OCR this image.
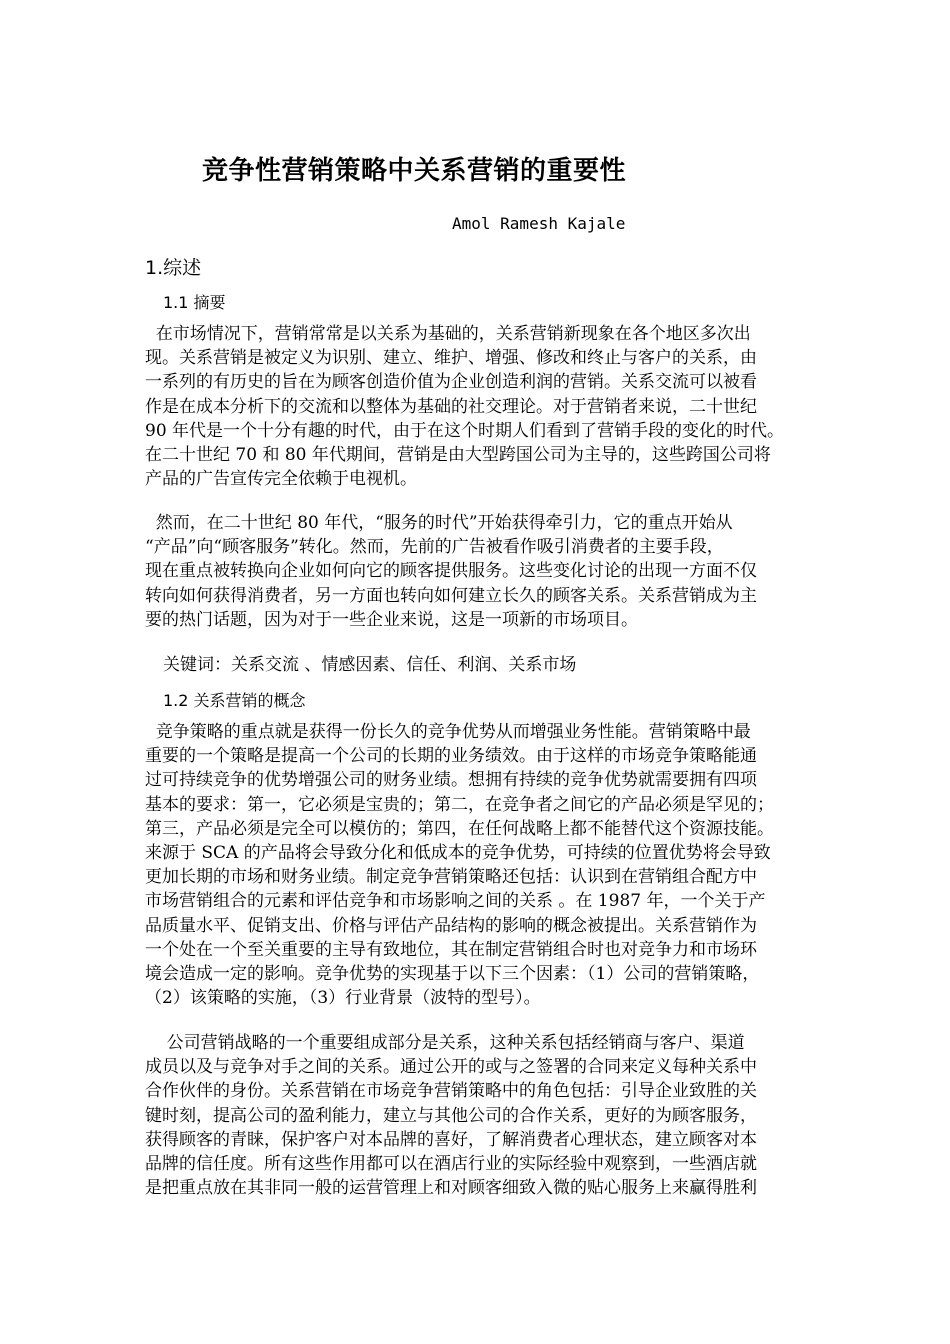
竞争性营销策略中关系营销的重要性
Amol Ramesh Kajale
1.综述
1.1 摘要
在市场情况下，营销常常是以关系为基础的，关系营销新现象在各个地区多次出
现。关系营销是被定义为识别、建立、维护、增强、修改和终止与客户的关系，由
一系列的有历史的旨在为顾客创造价值为企业创造利润的营销。关系交流可以被看
作是在成本分析下的交流和以整体为基础的社交理论。对于营销者来说，二十世纪
90 年代是一个十分有趣的时代，由于在这个时期人们看到了营销手段的变化的时代。
在二十世纪 70 和 80 年代期间，营销是由大型跨国公司为主导的，这些跨国公司将
产品的广告宣传完全依赖于电视机。
然而，在二十世纪 80 年代，“服务的时代”开始获得牵引力，它的重点开始从
“产品”向“顾客服务”转化。然而，先前的广告被看作吸引消费者的主要手段，
现在重点被转换向企业如何向它的顾客提供服务。这些变化讨论的出现一方面不仅
转向如何获得消费者，另一方面也转向如何建立长久的顾客关系。关系营销成为主
要的热门话题，因为对于一些企业来说，这是一项新的市场项目。
关键词：关系交流 、情感因素、信任、利润、关系市场
1.2 关系营销的概念
竞争策略的重点就是获得一份长久的竞争优势从而增强业务性能。营销策略中最
重要的一个策略是提高一个公司的长期的业务绩效。由于这样的市场竞争策略能通
过可持续竞争的优势增强公司的财务业绩。想拥有持续的竞争优势就需要拥有四项
基本的要求：第一，它必须是宝贵的；第二，在竞争者之间它的产品必须是罕见的；
第三，产品必须是完全可以模仿的；第四，在任何战略上都不能替代这个资源技能。
来源于 SCA 的产品将会导致分化和低成本的竞争优势，可持续的位置优势将会导致
更加长期的市场和财务业绩。制定竞争营销策略还包括：认识到在营销组合配方中
市场营销组合的元素和评估竞争和市场影响之间的关系 。在 1987 年，一个关于产
品质量水平、促销支出、价格与评估产品结构的影响的概念被提出。关系营销作为
一个处在一个至关重要的主导有致地位，其在制定营销组合时也对竞争力和市场环
境会造成一定的影响。竞争优势的实现基于以下三个因素：（1）公司的营销策略，
（2）该策略的实施，（3）行业背景（波特的型号）。
公司营销战略的一个重要组成部分是关系，这种关系包括经销商与客户、渠道
成员以及与竞争对手之间的关系。通过公开的或与之签署的合同来定义每种关系中
合作伙伴的身份。关系营销在市场竞争营销策略中的角色包括：引导企业致胜的关
键时刻，提高公司的盈利能力，建立与其他公司的合作关系，更好的为顾客服务，
获得顾客的青睐，保护客户对本品牌的喜好，了解消费者心理状态，建立顾客对本
品牌的信任度。所有这些作用都可以在酒店行业的实际经验中观察到，一些酒店就
是把重点放在其非同一般的运营管理上和对顾客细致入微的贴心服务上来赢得胜利
